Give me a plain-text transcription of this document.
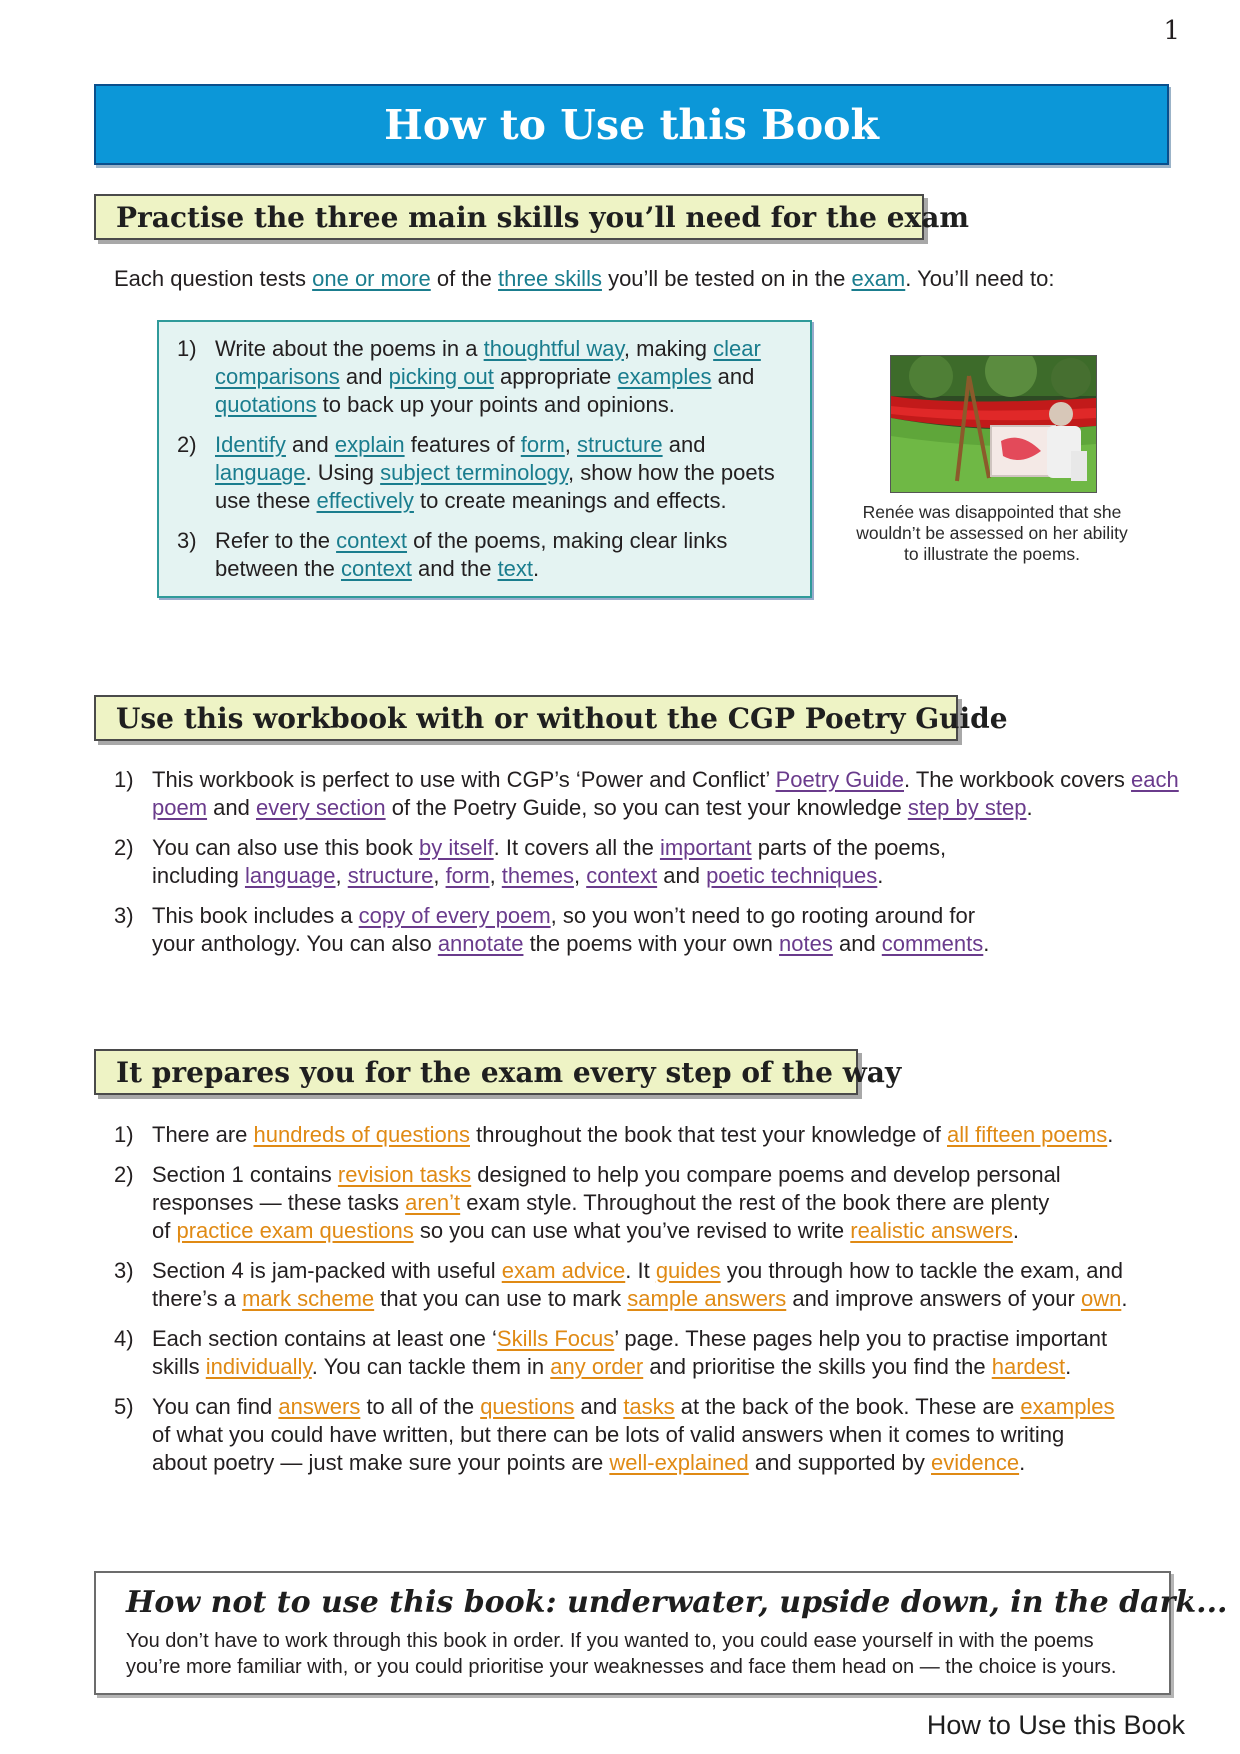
1
How to Use this Book
Practise the three main skills you’ll need for the exam

Each question tests one or more of the three skills you’ll be tested on in the exam. You’ll need to:

1) Write about the poems in a thoughtful way, making clear comparisons and picking out appropriate examples and quotations to back up your points and opinions.
2) Identify and explain features of form, structure and language. Using subject terminology, show how the poets use these effectively to create meanings and effects.
3) Refer to the context of the poems, making clear links between the context and the text.
Renée was disappointed that she wouldn’t be assessed on her ability to illustrate the poems.
Use this workbook with or without the CGP Poetry Guide
1) This workbook is perfect to use with CGP’s ‘Power and Conflict’ Poetry Guide. The workbook covers each poem and every section of the Poetry Guide, so you can test your knowledge step by step.
2) You can also use this book by itself. It covers all the important parts of the poems,
including language, structure, form, themes, context and poetic techniques.
3) This book includes a copy of every poem, so you won’t need to go rooting around for
your anthology. You can also annotate the poems with your own notes and comments.
It prepares you for the exam every step of the way
1) There are hundreds of questions throughout the book that test your knowledge of all fifteen poems.
2) Section 1 contains revision tasks designed to help you compare poems and develop personal
responses — these tasks aren’t exam style. Throughout the rest of the book there are plenty
of practice exam questions so you can use what you’ve revised to write realistic answers.
3) Section 4 is jam-packed with useful exam advice. It guides you through how to tackle the exam, and
there’s a mark scheme that you can use to mark sample answers and improve answers of your own.
4) Each section contains at least one ‘Skills Focus’ page. These pages help you to practise important
skills individually. You can tackle them in any order and prioritise the skills you find the hardest.
5) You can find answers to all of the questions and tasks at the back of the book. These are examples
of what you could have written, but there can be lots of valid answers when it comes to writing
about poetry — just make sure your points are well-explained and supported by evidence.
How not to use this book: underwater, upside down, in the dark...

You don’t have to work through this book in order. If you wanted to, you could ease yourself in with the poems you’re more familiar with, or you could prioritise your weaknesses and face them head on — the choice is yours.

How to Use this Book
